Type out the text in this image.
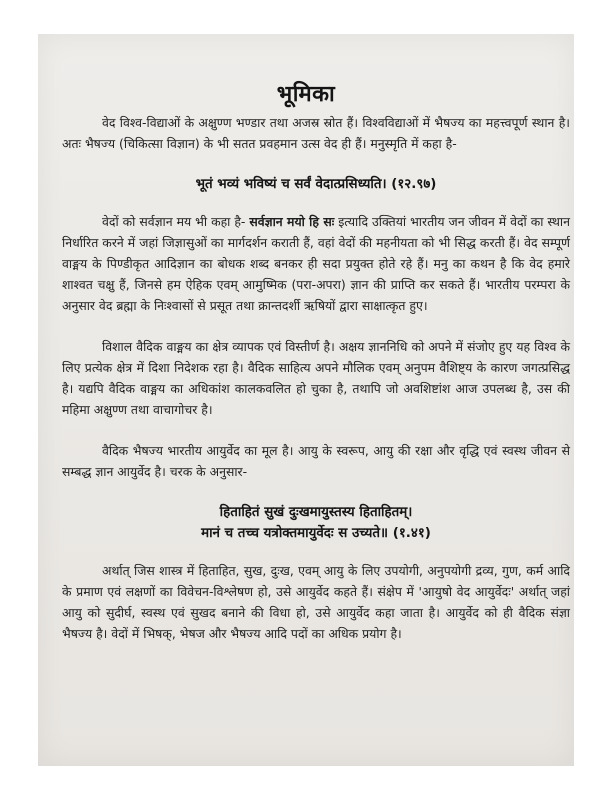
भूमिका

वेद विश्व-विद्याओं के अक्षुण्ण भण्डार तथा अजस्र स्रोत हैं। विश्वविद्याओं में भैषज्य का महत्त्वपूर्ण स्थान है। अतः भैषज्य (चिकित्सा विज्ञान) के भी सतत प्रवहमान उत्स वेद ही हैं। मनुस्मृति में कहा है-

भूतं भव्यं भविष्यं च सर्वं वेदात्प्रसिध्यति। (१२.९७)

वेदों को सर्वज्ञान मय भी कहा है- सर्वज्ञान मयो हि सः इत्यादि उक्तियां भारतीय जन जीवन में वेदों का स्थान निर्धारित करने में जहां जिज्ञासुओं का मार्गदर्शन कराती हैं, वहां वेदों की महनीयता को भी सिद्ध करती हैं। वेद सम्पूर्ण वाङ्मय के पिण्डीकृत आदिज्ञान का बोधक शब्द बनकर ही सदा प्रयुक्त होते रहे हैं। मनु का कथन है कि वेद हमारे शाश्वत चक्षु हैं, जिनसे हम ऐहिक एवम् आमुष्मिक (परा-अपरा) ज्ञान की प्राप्ति कर सकते हैं। भारतीय परम्परा के अनुसार वेद ब्रह्मा के निःश्वासों से प्रसूत तथा क्रान्तदर्शी ऋषियों द्वारा साक्षात्कृत हुए।

विशाल वैदिक वाङ्मय का क्षेत्र व्यापक एवं विस्तीर्ण है। अक्षय ज्ञाननिधि को अपने में संजोए हुए यह विश्व के लिए प्रत्येक क्षेत्र में दिशा निदेशक रहा है। वैदिक साहित्य अपने मौलिक एवम् अनुपम वैशिष्ट्य के कारण जगत्प्रसिद्ध है। यद्यपि वैदिक वाङ्मय का अधिकांश कालकवलित हो चुका है, तथापि जो अवशिष्टांश आज उपलब्ध है, उस की महिमा अक्षुण्ण तथा वाचागोचर है।

वैदिक भैषज्य भारतीय आयुर्वेद का मूल है। आयु के स्वरूप, आयु की रक्षा और वृद्धि एवं स्वस्थ जीवन से सम्बद्ध ज्ञान आयुर्वेद है। चरक के अनुसार-

हिताहितं सुखं दुःखमायुस्तस्य हिताहितम्।
मानं च तच्च यत्रोक्तमायुर्वेदः स उच्यते॥ (१.४१)

अर्थात् जिस शास्त्र में हिताहित, सुख, दुःख, एवम् आयु के लिए उपयोगी, अनुपयोगी द्रव्य, गुण, कर्म आदि के प्रमाण एवं लक्षणों का विवेचन-विश्लेषण हो, उसे आयुर्वेद कहते हैं। संक्षेप में 'आयुषो वेद आयुर्वेदः' अर्थात् जहां आयु को सुदीर्घ, स्वस्थ एवं सुखद बनाने की विधा हो, उसे आयुर्वेद कहा जाता है। आयुर्वेद को ही वैदिक संज्ञा भैषज्य है। वेदों में भिषक्, भेषज और भैषज्य आदि पदों का अधिक प्रयोग है।
